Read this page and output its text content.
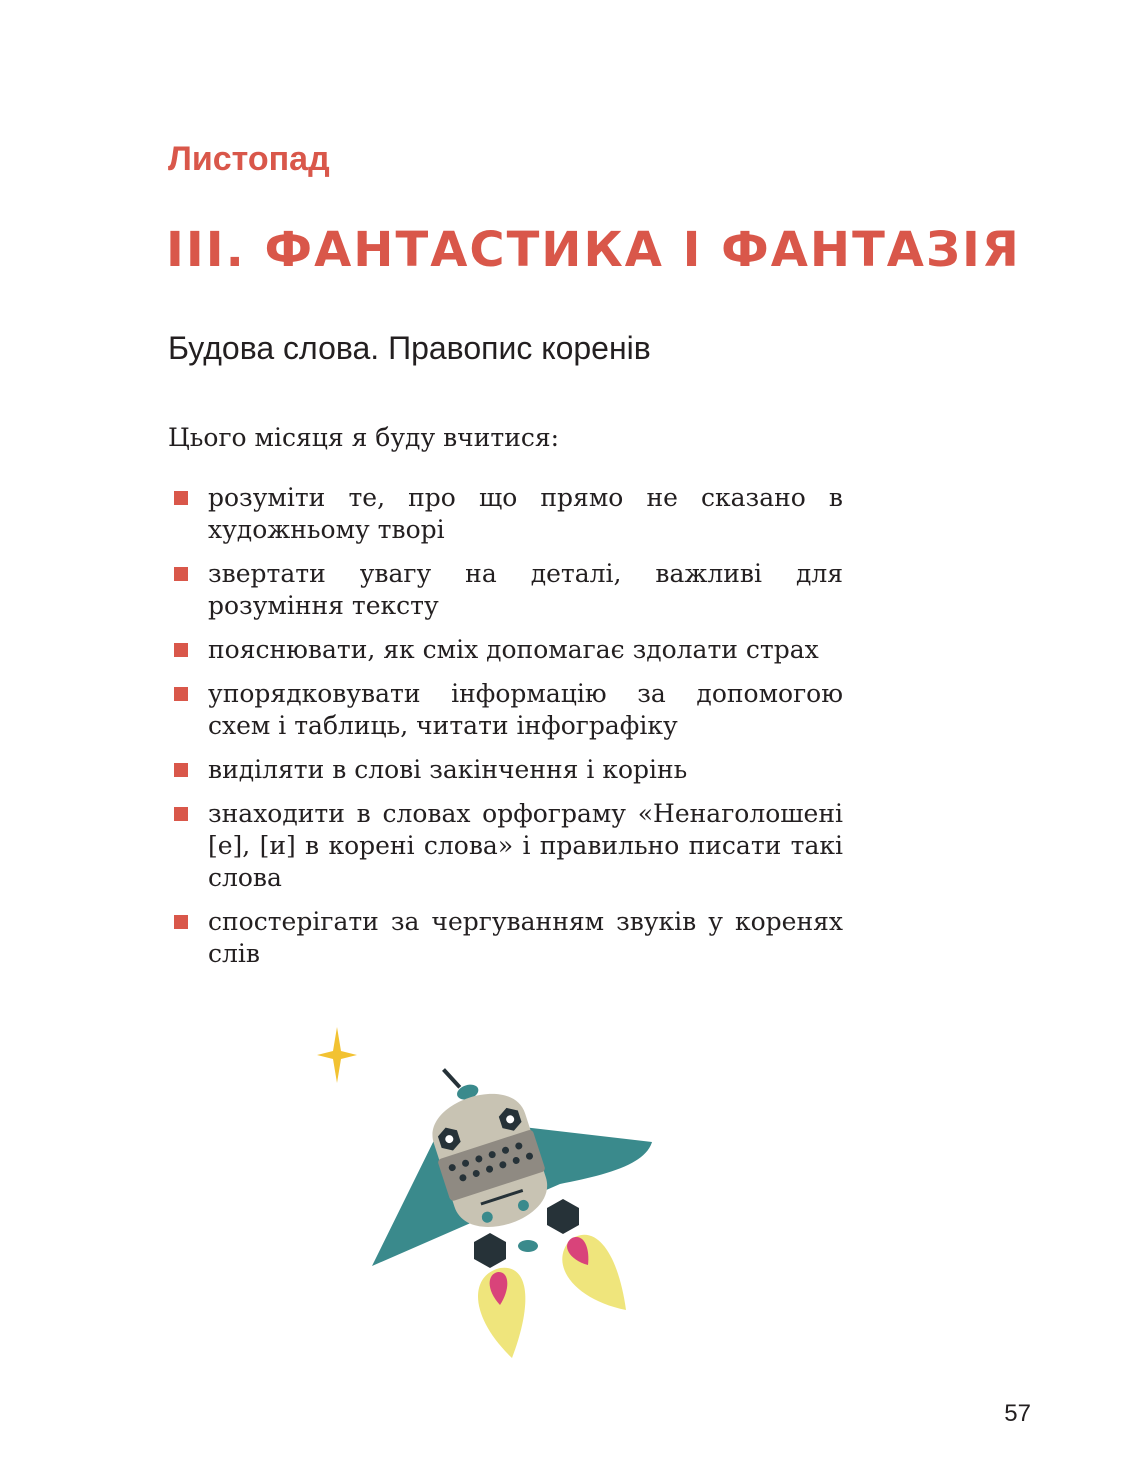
Листопад
ІІІ. ФАНТАСТИКА І ФАНТАЗІЯ
Будова слова. Правопис коренів

Цього місяця я буду вчитися:

розуміти те, про що прямо не сказано в художньому творі
звертати увагу на деталі, важливі для розуміння тексту
пояснювати, як сміх допомагає здолати страх
упорядковувати інформацію за допомогою схем і таблиць, читати інфографіку
виділяти в слові закінчення і корінь
знаходити в словах орфограму «Ненаголошені [е], [и] в корені слова» і правильно писати такі слова
спостерігати за чергуванням звуків у коренях слів
57
